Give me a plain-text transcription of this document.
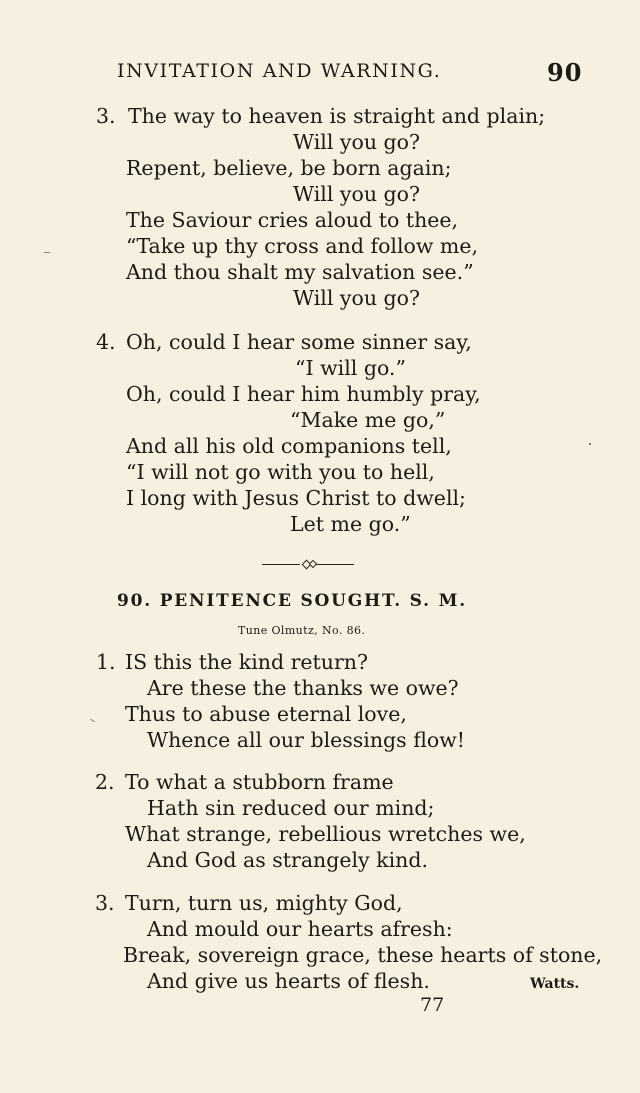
INVITATION AND WARNING.	90
3. The way to heaven is straight and plain;
Will you go?
Repent, believe, be born again;
Will you go?
The Saviour cries aloud to thee,
“Take up thy cross and follow me,
And thou shalt my salvation see.”
Will you go?
4. Oh, could I hear some sinner say,
“I will go.”
Oh, could I hear him humbly pray,
“Make me go,”
And all his old companions tell,
“I will not go with you to hell,
I long with Jesus Christ to dwell;
Let me go.”
90. PENITENCE SOUGHT. S. M.
Tune Olmutz, No. 86.
1. IS this the kind return?
Are these the thanks we owe?
Thus to abuse eternal love,
Whence all our blessings flow!
2. To what a stubborn frame
Hath sin reduced our mind;
What strange, rebellious wretches we,
And God as strangely kind.
3. Turn, turn us, mighty God,
And mould our hearts afresh:
Break, sovereign grace, these hearts of stone,
And give us hearts of flesh.	Watts.
77
